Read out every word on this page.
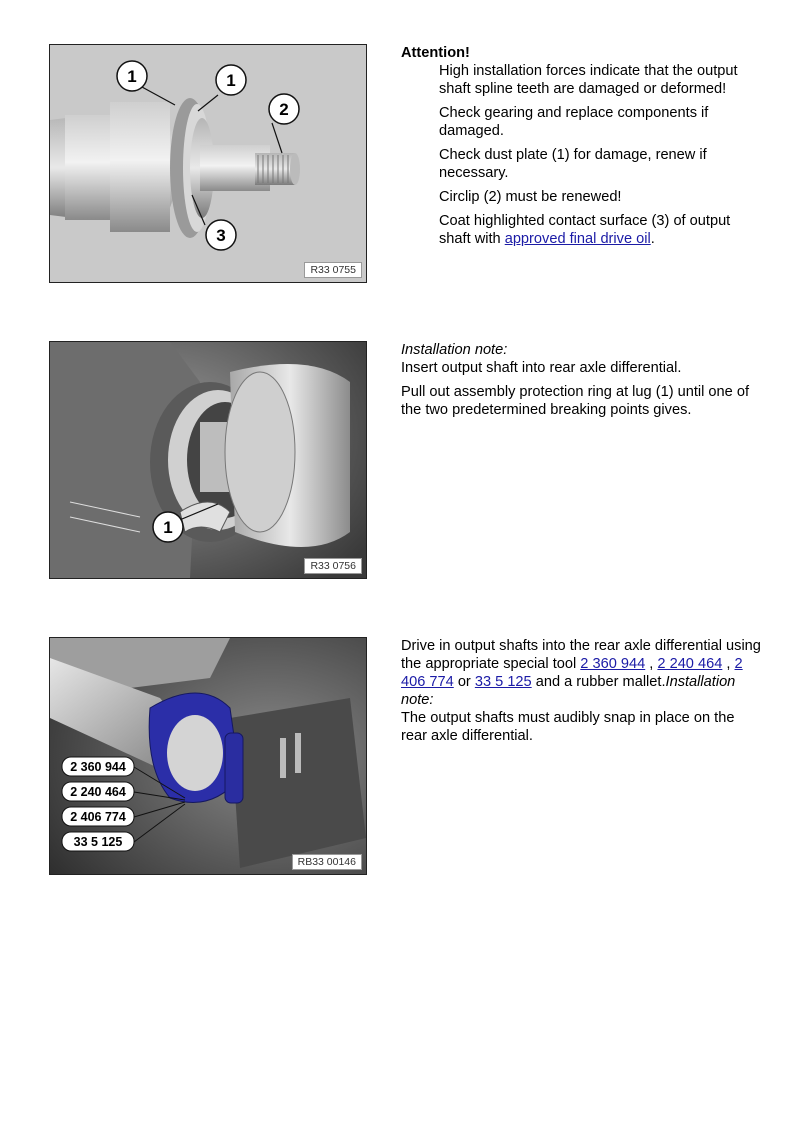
1	1
2
3
R33 0755

Attention!

High installation forces indicate that the output shaft spline teeth are damaged or deformed!

Check gearing and replace components if damaged.

Check dust plate (1) for damage, renew if necessary.

Circlip (2) must be renewed!

Coat highlighted contact surface (3) of output shaft with approved final drive oil.

1
R33 0756

Installation note:

Insert output shaft into rear axle differential.

Pull out assembly protection ring at lug (1) until one of the two predetermined breaking points gives.

2 360 944
2 240 464
2 406 774
33 5 125
RB33 00146

Drive in output shafts into the rear axle differential using the appropriate special tool 2 360 944 , 2 240 464 , 2 406 774 or 33 5 125 and a rubber mallet.Installation note:

The output shafts must audibly snap in place on the rear axle differential.
